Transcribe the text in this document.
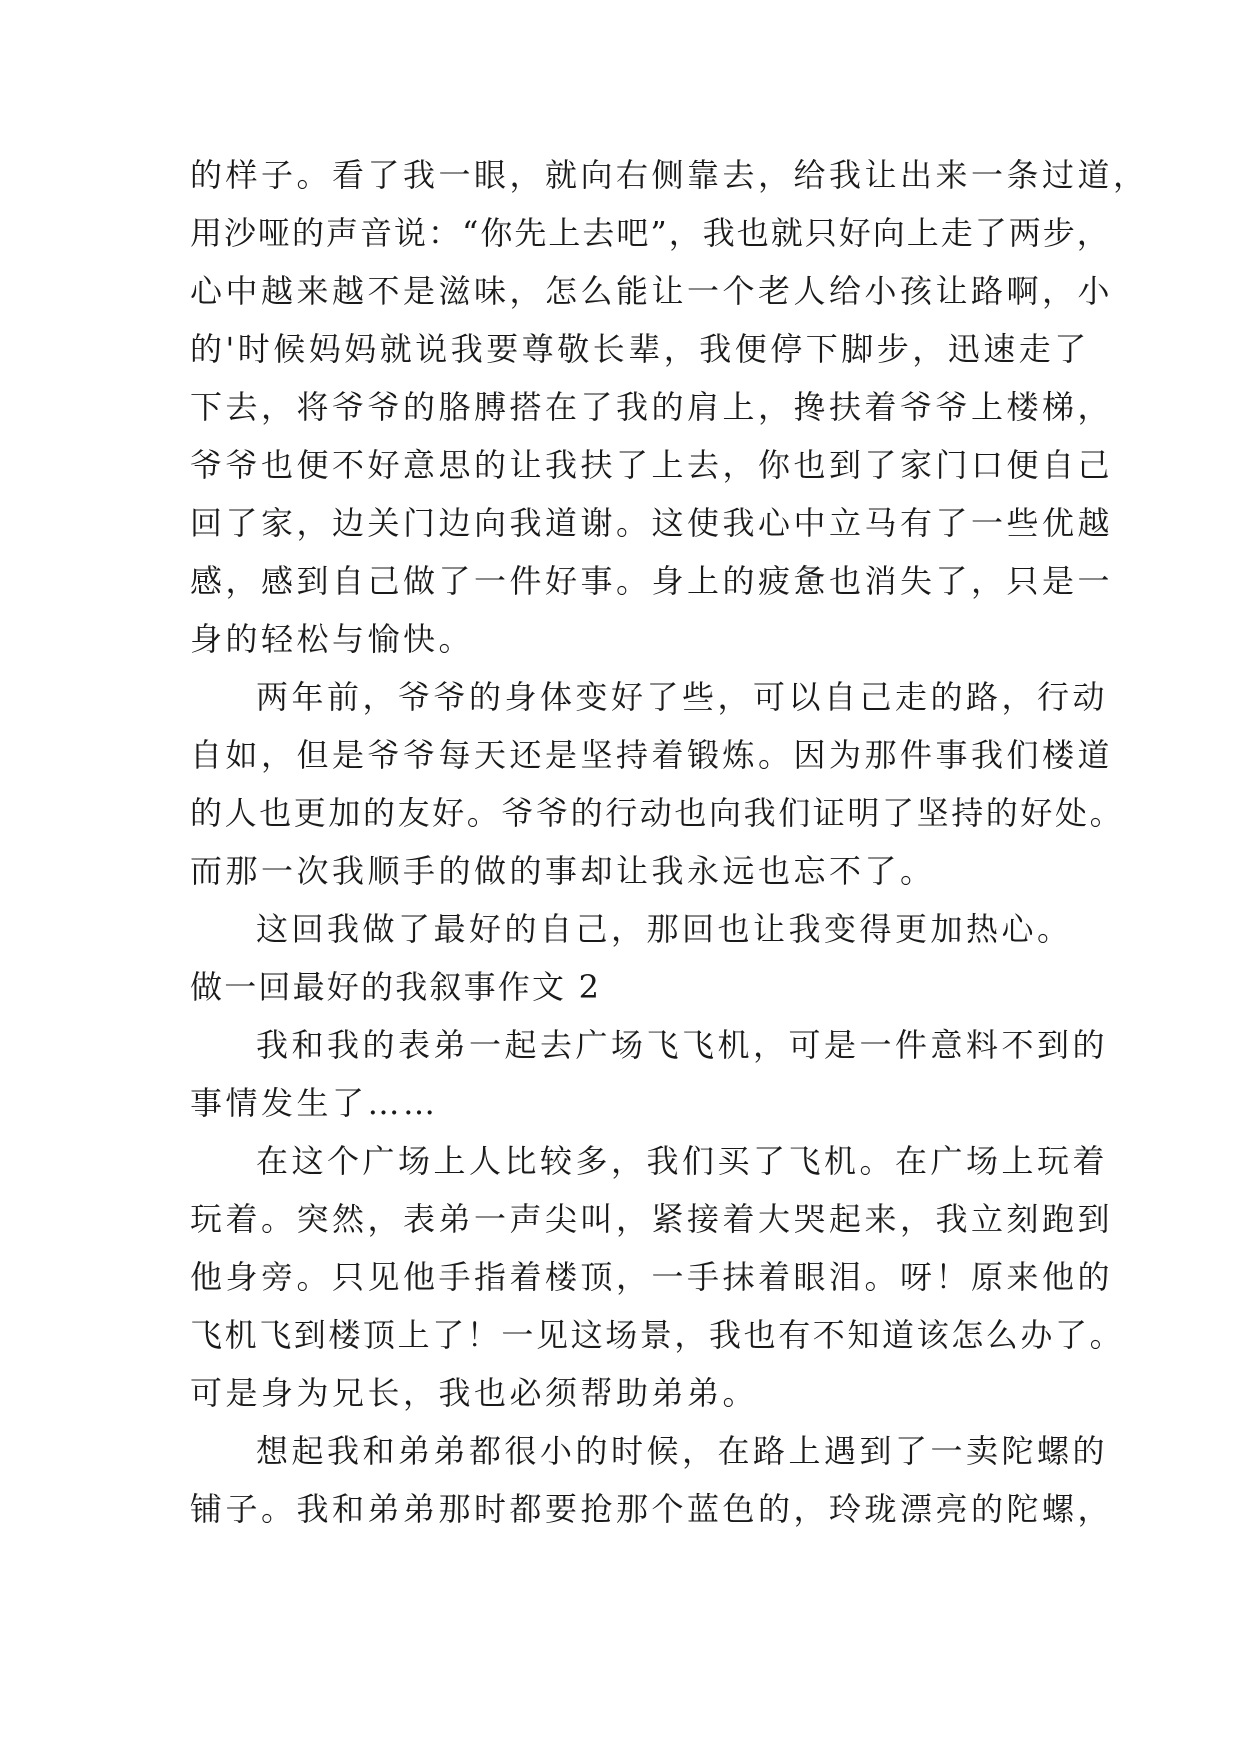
的样子。看了我一眼，就向右侧靠去，给我让出来一条过道，
用沙哑的声音说：“你先上去吧”，我也就只好向上走了两步，
心中越来越不是滋味，怎么能让一个老人给小孩让路啊，小
的'时候妈妈就说我要尊敬长辈，我便停下脚步，迅速走了
下去，将爷爷的胳膊搭在了我的肩上，搀扶着爷爷上楼梯，
爷爷也便不好意思的让我扶了上去，你也到了家门口便自己
回了家，边关门边向我道谢。这使我心中立马有了一些优越
感，感到自己做了一件好事。身上的疲惫也消失了，只是一
身的轻松与愉快。
两年前，爷爷的身体变好了些，可以自己走的路，行动
自如，但是爷爷每天还是坚持着锻炼。因为那件事我们楼道
的人也更加的友好。爷爷的行动也向我们证明了坚持的好处。
而那一次我顺手的做的事却让我永远也忘不了。
这回我做了最好的自己，那回也让我变得更加热心。
做一回最好的我叙事作文 2
我和我的表弟一起去广场飞飞机，可是一件意料不到的
事情发生了……
在这个广场上人比较多，我们买了飞机。在广场上玩着
玩着。突然，表弟一声尖叫，紧接着大哭起来，我立刻跑到
他身旁。只见他手指着楼顶，一手抹着眼泪。呀！原来他的
飞机飞到楼顶上了！一见这场景，我也有不知道该怎么办了。
可是身为兄长，我也必须帮助弟弟。
想起我和弟弟都很小的时候，在路上遇到了一卖陀螺的
铺子。我和弟弟那时都要抢那个蓝色的，玲珑漂亮的陀螺，
